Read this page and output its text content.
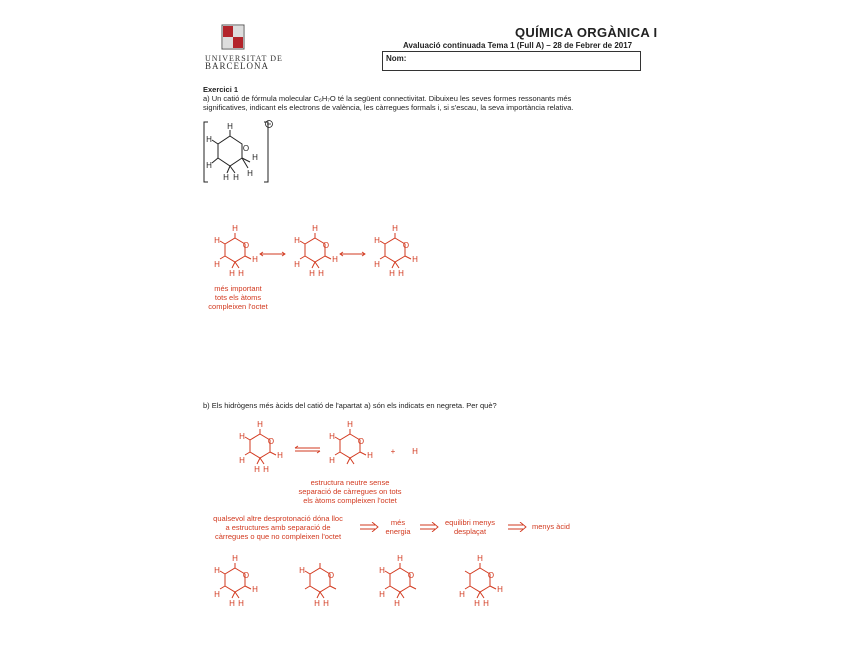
UNIVERSITAT DE
BARCELONA
QUÍMICA ORGÀNICA I
Avaluació continuada Tema 1 (Full A) – 28 de Febrer de 2017
Nom:
Exercici 1
a) Un catió de fórmula molecular C₆H₇O té la següent connectivitat. Dibuixeu les seves formes ressonants més
significatives, indicant els electrons de valència, les càrregues formals i, si s'escau, la seva importància relativa.
H
O
H
H
H H
H
H
H
O
H
H
H H
H
H
O
H
H
H H
H
H
O
H
H
H H
H
més important
tots els àtoms
compleixen l'octet
b) Els hidrògens més àcids del catió de l'apartat a) són els indicats en negreta. Per què?
H
O
H
H
H H
H
H
O
H
H
H + H
estructura neutre sense
separació de càrregues on tots
els àtoms compleixen l'octet
qualsevol altre desprotonació dóna lloc
a estructures amb separació de
càrregues o que no compleixen l'octet
més
energia
equilibri menys
desplaçat
menys àcid
H
O
H
H
H H
H
O
H
H H
H
O
H
H
H
H
O
H
H H
H
